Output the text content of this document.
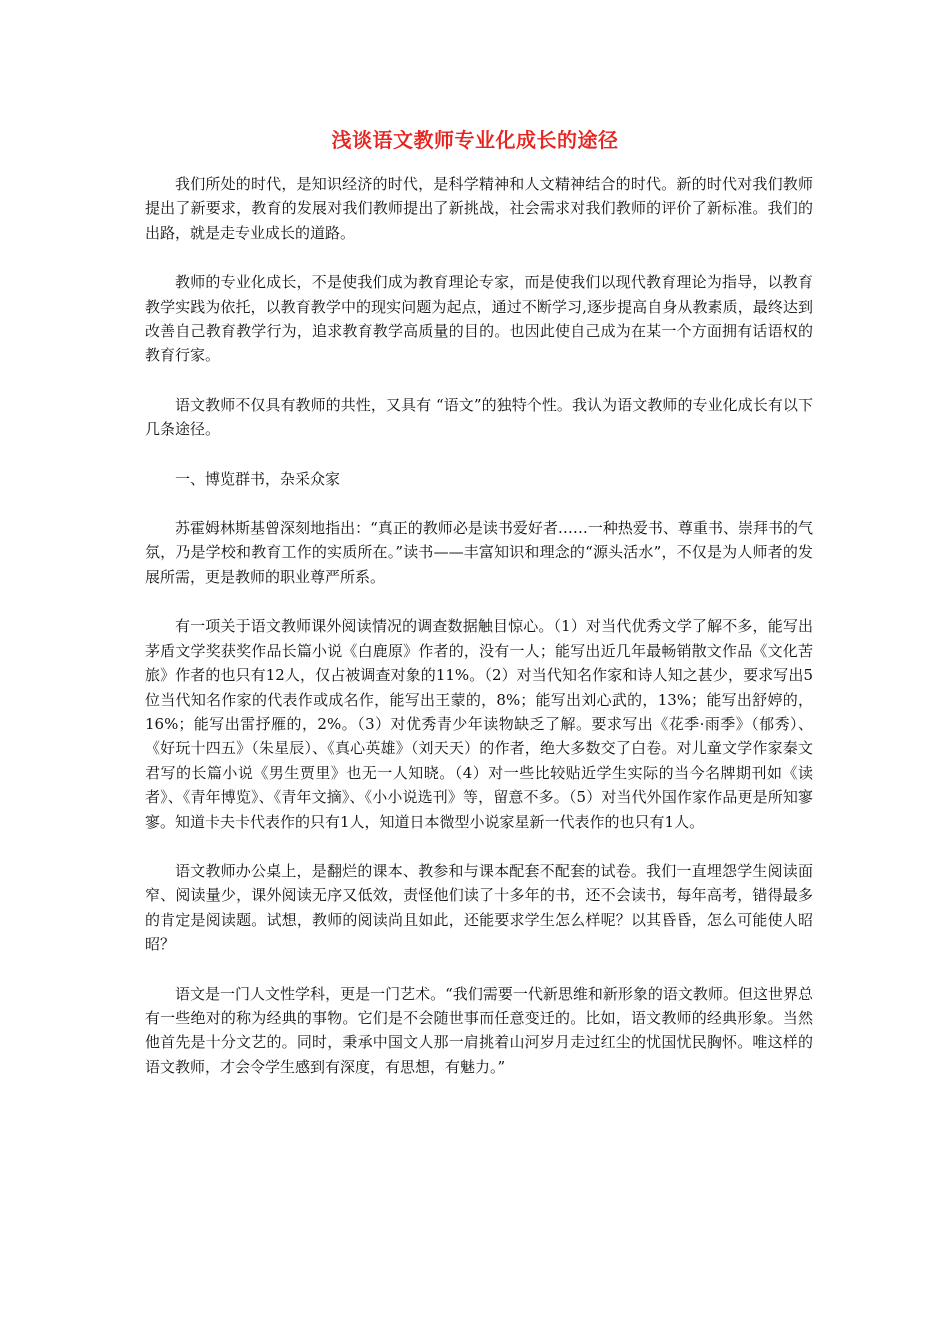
浅谈语文教师专业化成长的途径

我们所处的时代，是知识经济的时代，是科学精神和人文精神结合的时代。新的时代对我们教师提出了新要求，教育的发展对我们教师提出了新挑战，社会需求对我们教师的评价了新标准。我们的出路，就是走专业成长的道路。

教师的专业化成长，不是使我们成为教育理论专家，而是使我们以现代教育理论为指导，以教育教学实践为依托，以教育教学中的现实问题为起点，通过不断学习,逐步提高自身从教素质，最终达到改善自己教育教学行为，追求教育教学高质量的目的。也因此使自己成为在某一个方面拥有话语权的教育行家。

语文教师不仅具有教师的共性，又具有 “语文”的独特个性。我认为语文教师的专业化成长有以下几条途径。

一、博览群书，杂采众家

苏霍姆林斯基曾深刻地指出：“真正的教师必是读书爱好者……一种热爱书、尊重书、崇拜书的气氛，乃是学校和教育工作的实质所在。”读书——丰富知识和理念的“源头活水”，不仅是为人师者的发展所需，更是教师的职业尊严所系。

有一项关于语文教师课外阅读情况的调查数据触目惊心。（1）对当代优秀文学了解不多，能写出茅盾文学奖获奖作品长篇小说《白鹿原》作者的，没有一人；能写出近几年最畅销散文作品《文化苦旅》作者的也只有12人，仅占被调查对象的11%。（2）对当代知名作家和诗人知之甚少，要求写出5位当代知名作家的代表作或成名作，能写出王蒙的，8%；能写出刘心武的，13%；能写出舒婷的，16%；能写出雷抒雁的，2%。（3）对优秀青少年读物缺乏了解。要求写出《花季·雨季》（郁秀）、《好玩十四五》（朱星辰）、《真心英雄》（刘天天）的作者，绝大多数交了白卷。对儿童文学作家秦文君写的长篇小说《男生贾里》也无一人知晓。（4）对一些比较贴近学生实际的当今名牌期刊如《读者》、《青年博览》、《青年文摘》、《小小说选刊》等，留意不多。（5）对当代外国作家作品更是所知寥寥。知道卡夫卡代表作的只有1人，知道日本微型小说家星新一代表作的也只有1人。

语文教师办公桌上，是翻烂的课本、教参和与课本配套不配套的试卷。我们一直埋怨学生阅读面窄、阅读量少，课外阅读无序又低效，责怪他们读了十多年的书，还不会读书，每年高考，错得最多的肯定是阅读题。试想，教师的阅读尚且如此，还能要求学生怎么样呢？以其昏昏，怎么可能使人昭昭？

语文是一门人文性学科，更是一门艺术。“我们需要一代新思维和新形象的语文教师。但这世界总有一些绝对的称为经典的事物。它们是不会随世事而任意变迁的。比如，语文教师的经典形象。当然他首先是十分文艺的。同时，秉承中国文人那一肩挑着山河岁月走过红尘的忧国忧民胸怀。唯这样的语文教师，才会令学生感到有深度，有思想，有魅力。”
